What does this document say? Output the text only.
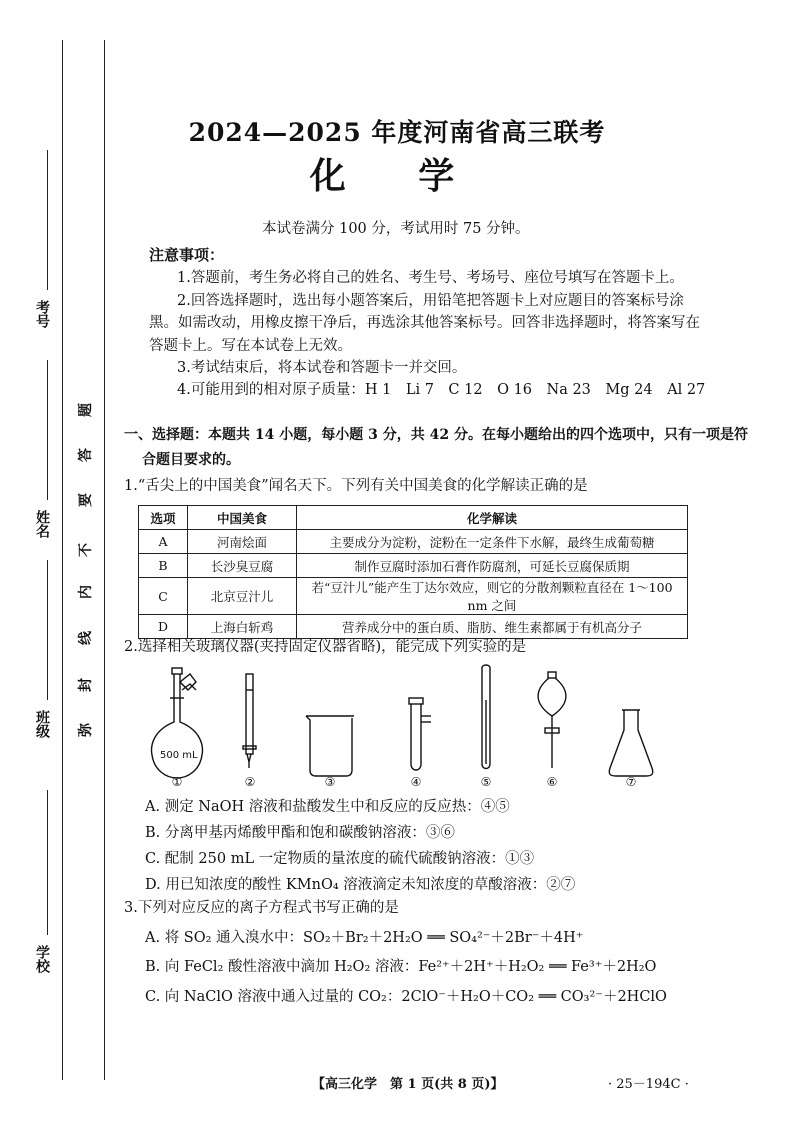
考号
姓名
班级
学校
题
答
要
不
内
线
封
弥
2024—2025 年度河南省高三联考
化 学
本试卷满分 100 分，考试用时 75 分钟。
注意事项：
1.答题前，考生务必将自己的姓名、考生号、考场号、座位号填写在答题卡上。
2.回答选择题时，选出每小题答案后，用铅笔把答题卡上对应题目的答案标号涂
黑。如需改动，用橡皮擦干净后，再选涂其他答案标号。回答非选择题时，将答案写在
答题卡上。写在本试卷上无效。
3.考试结束后，将本试卷和答题卡一并交回。
4.可能用到的相对原子质量：H 1　Li 7　C 12　O 16　Na 23　Mg 24　Al 27
一、选择题：本题共 14 小题，每小题 3 分，共 42 分。在每小题给出的四个选项中，只有一项是符
合题目要求的。
1.“舌尖上的中国美食”闻名天下。下列有关中国美食的化学解读正确的是
选项	中国美食	化学解读
A	河南烩面	主要成分为淀粉，淀粉在一定条件下水解，最终生成葡萄糖
B	长沙臭豆腐	制作豆腐时添加石膏作防腐剂，可延长豆腐保质期
C	北京豆汁儿	若“豆汁儿”能产生丁达尔效应，则它的分散剂颗粒直径在 1～100 nm 之间
D	上海白斩鸡	营养成分中的蛋白质、脂肪、维生素都属于有机高分子
2.选择相关玻璃仪器(夹持固定仪器省略)，能完成下列实验的是
500 mL
①	②	③	④	⑤	⑥	⑦
A. 测定 NaOH 溶液和盐酸发生中和反应的反应热：④⑤
B. 分离甲基丙烯酸甲酯和饱和碳酸钠溶液：③⑥
C. 配制 250 mL 一定物质的量浓度的硫代硫酸钠溶液：①③
D. 用已知浓度的酸性 KMnO₄ 溶液滴定未知浓度的草酸溶液：②⑦
3.下列对应反应的离子方程式书写正确的是
A. 将 SO₂ 通入溴水中：SO₂＋Br₂＋2H₂O ══ SO₄²⁻＋2Br⁻＋4H⁺
B. 向 FeCl₂ 酸性溶液中滴加 H₂O₂ 溶液：Fe²⁺＋2H⁺＋H₂O₂ ══ Fe³⁺＋2H₂O
C. 向 NaClO 溶液中通入过量的 CO₂：2ClO⁻＋H₂O＋CO₂ ══ CO₃²⁻＋2HClO
【高三化学　第 1 页(共 8 页)】	· 25－194C ·
